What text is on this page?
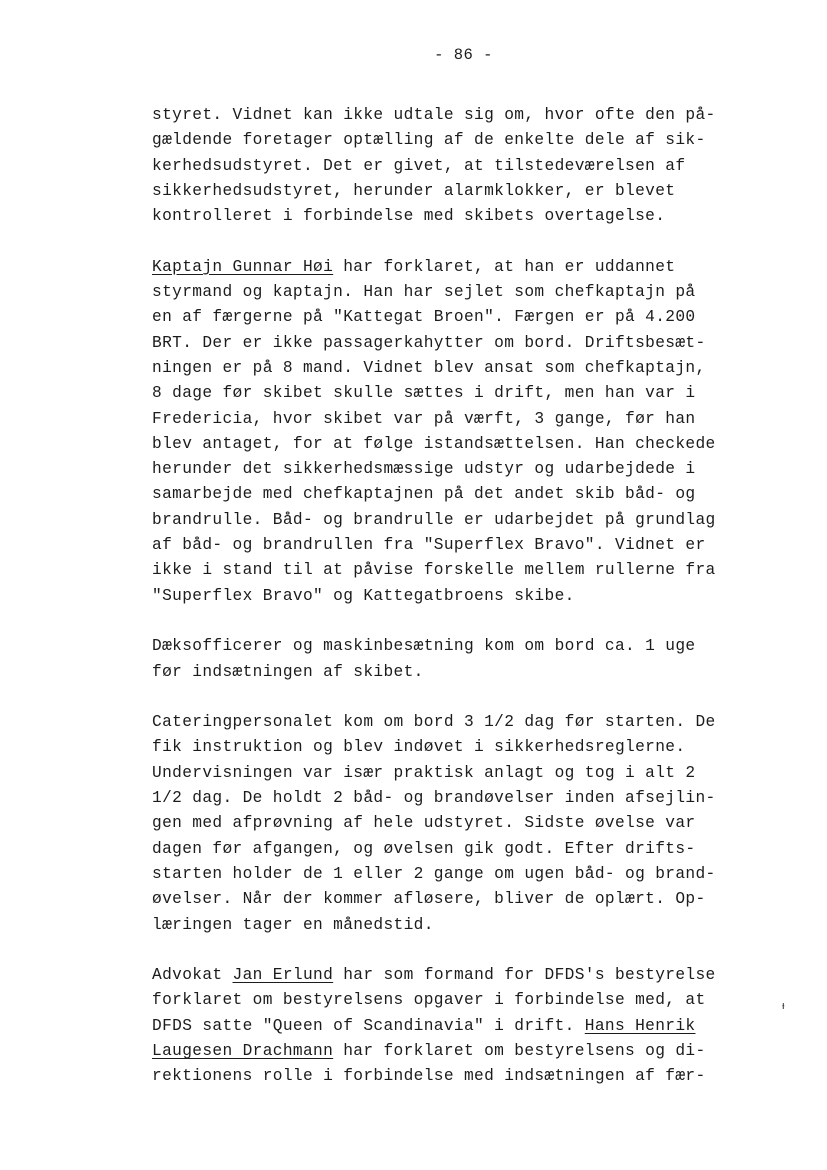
- 86 -

styret. Vidnet kan ikke udtale sig om, hvor ofte den på-
gældende foretager optælling af de enkelte dele af sik-
kerhedsudstyret. Det er givet, at tilstedeværelsen af
sikkerhedsudstyret, herunder alarmklokker, er blevet
kontrolleret i forbindelse med skibets overtagelse.

Kaptajn Gunnar Høi har forklaret, at han er uddannet
styrmand og kaptajn. Han har sejlet som chefkaptajn på
en af færgerne på "Kattegat Broen". Færgen er på 4.200
BRT. Der er ikke passagerkahytter om bord. Driftsbesæt-
ningen er på 8 mand. Vidnet blev ansat som chefkaptajn,
8 dage før skibet skulle sættes i drift, men han var i
Fredericia, hvor skibet var på værft, 3 gange, før han
blev antaget, for at følge istandsættelsen. Han checkede
herunder det sikkerhedsmæssige udstyr og udarbejdede i
samarbejde med chefkaptajnen på det andet skib båd- og
brandrulle. Båd- og brandrulle er udarbejdet på grundlag
af båd- og brandrullen fra "Superflex Bravo". Vidnet er
ikke i stand til at påvise forskelle mellem rullerne fra
"Superflex Bravo" og Kattegatbroens skibe.

Dæksofficerer og maskinbesætning kom om bord ca. 1 uge
før indsætningen af skibet.

Cateringpersonalet kom om bord 3 1/2 dag før starten. De
fik instruktion og blev indøvet i sikkerhedsreglerne.
Undervisningen var især praktisk anlagt og tog i alt 2
1/2 dag. De holdt 2 båd- og brandøvelser inden afsejlin-
gen med afprøvning af hele udstyret. Sidste øvelse var
dagen før afgangen, og øvelsen gik godt. Efter drifts-
starten holder de 1 eller 2 gange om ugen båd- og brand-
øvelser. Når der kommer afløsere, bliver de oplært. Op-
læringen tager en månedstid.

Advokat Jan Erlund har som formand for DFDS's bestyrelse
forklaret om bestyrelsens opgaver i forbindelse med, at
DFDS satte "Queen of Scandinavia" i drift. Hans Henrik
Laugesen Drachmann har forklaret om bestyrelsens og di-
rektionens rolle i forbindelse med indsætningen af fær-

ᵻ
